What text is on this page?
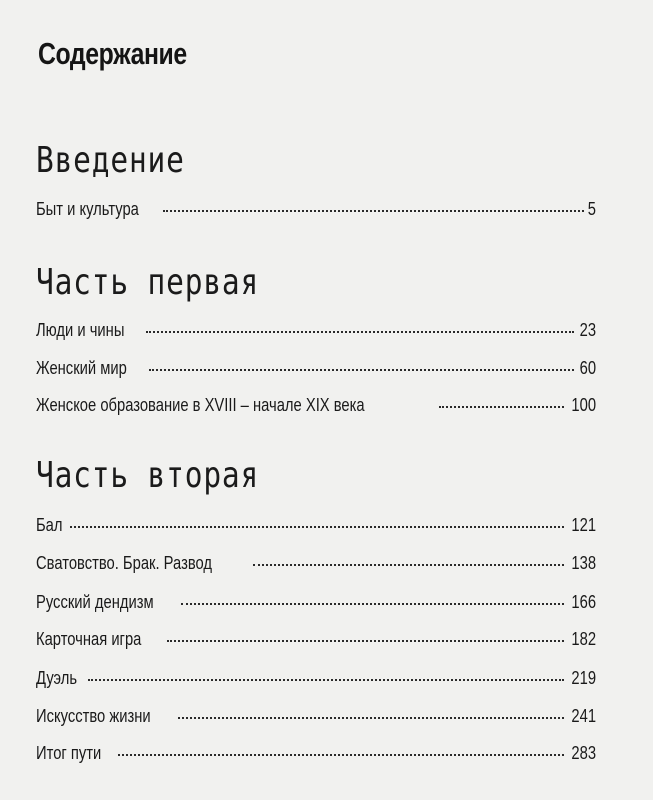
Содержание
Введение
Быт и культура	5
Часть первая
Люди и чины	23
Женский мир	60
Женское образование в XVIII – начале XIX века	100
Часть вторая
Бал	121
Сватовство. Брак. Развод	138
Русский дендизм	166
Карточная игра	182
Дуэль	219
Искусство жизни	241
Итог пути	283
